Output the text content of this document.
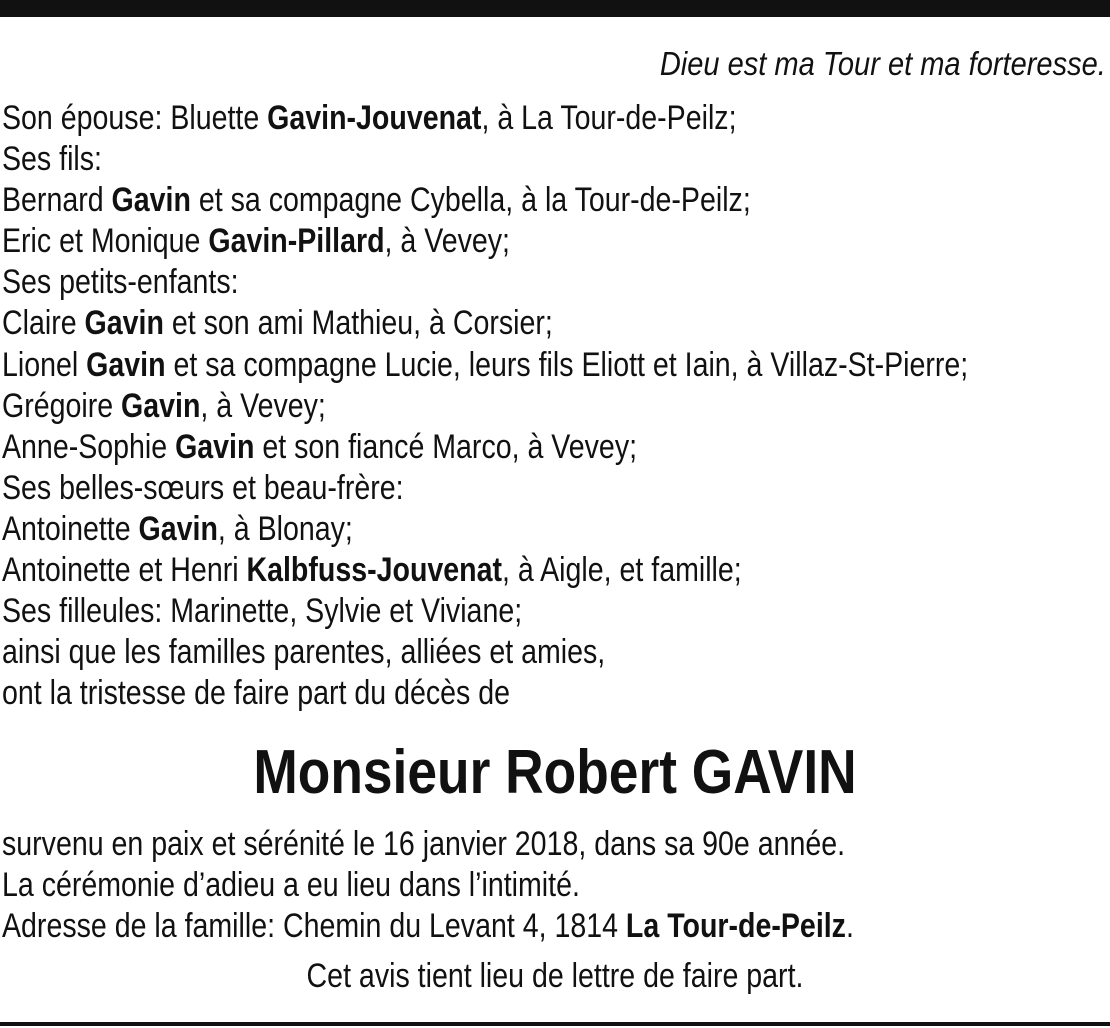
Dieu est ma Tour et ma forteresse.
Son épouse: Bluette Gavin-Jouvenat, à La Tour-de-Peilz;
Ses fils:
Bernard Gavin et sa compagne Cybella, à la Tour-de-Peilz;
Eric et Monique Gavin-Pillard, à Vevey;
Ses petits-enfants:
Claire Gavin et son ami Mathieu, à Corsier;
Lionel Gavin et sa compagne Lucie, leurs fils Eliott et Iain, à Villaz-St-Pierre;
Grégoire Gavin, à Vevey;
Anne-Sophie Gavin et son fiancé Marco, à Vevey;
Ses belles-sœurs et beau-frère:
Antoinette Gavin, à Blonay;
Antoinette et Henri Kalbfuss-Jouvenat, à Aigle, et famille;
Ses filleules: Marinette, Sylvie et Viviane;
ainsi que les familles parentes, alliées et amies,
ont la tristesse de faire part du décès de
Monsieur Robert GAVIN
survenu en paix et sérénité le 16 janvier 2018, dans sa 90e année.
La cérémonie d’adieu a eu lieu dans l’intimité.
Adresse de la famille: Chemin du Levant 4, 1814 La Tour-de-Peilz.
Cet avis tient lieu de lettre de faire part.
